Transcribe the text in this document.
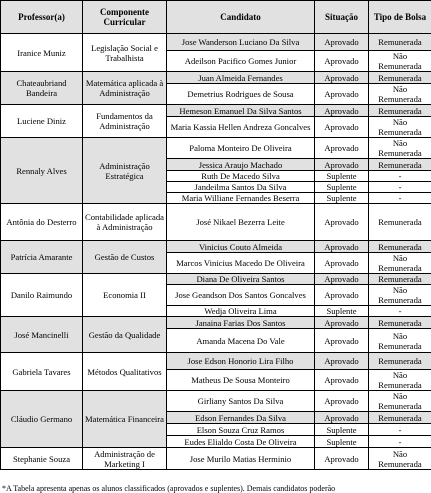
Professor(a)	Componente Curricular	Candidato	Situação	Tipo de Bolsa
Iranice Muniz	Legislação Social e Trabalhista	Jose Wanderson Luciano Da Silva	Aprovado	Remunerada
		Adeilson Pacifico Gomes Junior	Aprovado	Não Remunerada
Chateaubriand Bandeira	Matemática aplicada à Administração	Juan Almeida Fernandes	Aprovado	Remunerada
		Demetrius Rodrigues de Sousa	Aprovado	Não Remunerada
Luciene Diniz	Fundamentos da Administração	Hemeson Emanuel Da Silva Santos	Aprovado	Remunerada
		Maria Kassia Hellen Andreza Goncalves	Aprovado	Não Remunerada
Rennaly Alves	Administração Estratégica	Paloma Monteiro De Oliveira	Aprovado	Não Remunerada
		Jessica Araujo Machado	Aprovado	Remunerada
		Ruth De Macedo Silva	Suplente	-
		Jandeilma Santos Da Silva	Suplente	-
		Maria Williane Fernandes Beserra	Suplente	-
Antônia do Desterro	Contabilidade aplicada à Administração	José Nikael Bezerra Leite	Aprovado	Remunerada
Patrícia Amarante	Gestão de Custos	Vinicius Couto Almeida	Aprovado	Remunerada
		Marcos Vinicius Macedo De Oliveira	Aprovado	Não Remunerada
Danilo Raimundo	Economia II	Diana De Oliveira Santos	Aprovado	Remunerada
		Jose Geandson Dos Santos Goncalves	Aprovado	Não Remunerada
		Wedja Oliveira Lima	Suplente	-
José Mancinelli	Gestão da Qualidade	Janaina Farias Dos Santos	Aprovado	Remunerada
		Amanda Macena Do Vale	Aprovado	Não Remunerada
Gabriela Tavares	Métodos Qualitativos	Jose Edson Honorio Lira Filho	Aprovado	Remunerada
		Matheus De Sousa Monteiro	Aprovado	Não Remunerada
Cláudio Germano	Matemática Financeira	Girliany Santos Da Silva	Aprovado	Não Remunerada
		Edson Fernandes Da Silva	Aprovado	Remunerada
		Elson Souza Cruz Ramos	Suplente	-
		Eudes Elialdo Costa De Oliveira	Suplente	-
Stephanie Souza	Administração de Marketing I	Jose Murilo Matias Herminio	Aprovado	Não Remunerada
*A Tabela apresenta apenas os alunos classificados (aprovados e suplentes). Demais candidatos poderão
